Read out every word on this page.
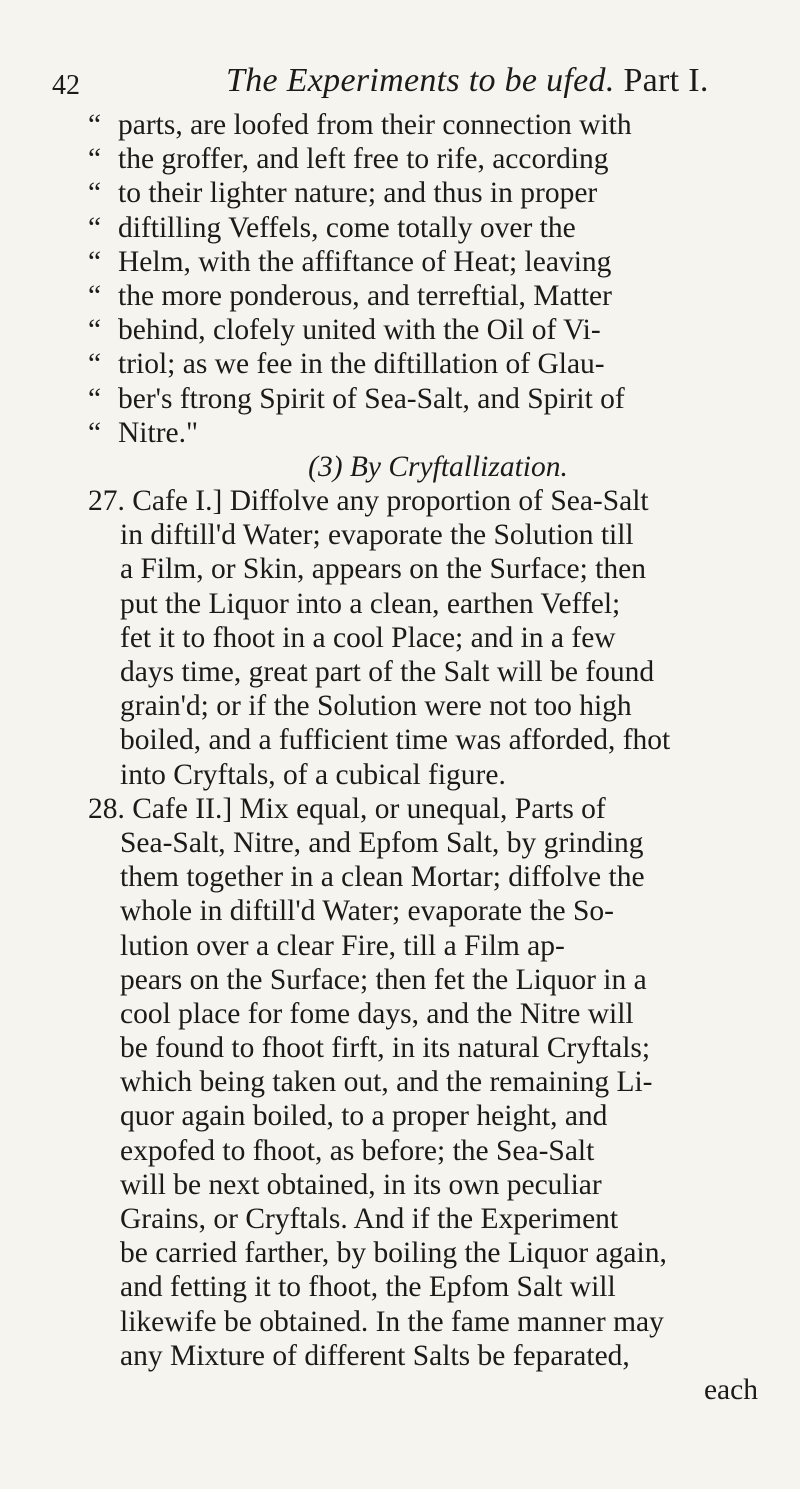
42	The Experiments to be ufed. Part I.
“ parts, are loofed from their connection with
“ the groffer, and left free to rife, according
“ to their lighter nature; and thus in proper
“ diftilling Veffels, come totally over the
“ Helm, with the affiftance of Heat; leaving
“ the more ponderous, and terreftial, Matter
“ behind, clofely united with the Oil of Vi-
“ triol; as we fee in the diftillation of Glau-
“ ber's ftrong Spirit of Sea-Salt, and Spirit of
“ Nitre."
(3) By Cryftallization.
27. Cafe I.] Diffolve any proportion of Sea-Salt
in diftill'd Water; evaporate the Solution till
a Film, or Skin, appears on the Surface; then
put the Liquor into a clean, earthen Veffel;
fet it to fhoot in a cool Place; and in a few
days time, great part of the Salt will be found
grain'd; or if the Solution were not too high
boiled, and a fufficient time was afforded, fhot
into Cryftals, of a cubical figure.
28. Cafe II.] Mix equal, or unequal, Parts of
Sea-Salt, Nitre, and Epfom Salt, by grinding
them together in a clean Mortar; diffolve the
whole in diftill'd Water; evaporate the So-
lution over a clear Fire, till a Film ap-
pears on the Surface; then fet the Liquor in a
cool place for fome days, and the Nitre will
be found to fhoot firft, in its natural Cryftals;
which being taken out, and the remaining Li-
quor again boiled, to a proper height, and
expofed to fhoot, as before; the Sea-Salt
will be next obtained, in its own peculiar
Grains, or Cryftals. And if the Experiment
be carried farther, by boiling the Liquor again,
and fetting it to fhoot, the Epfom Salt will
likewife be obtained. In the fame manner may
any Mixture of different Salts be feparated,
each
